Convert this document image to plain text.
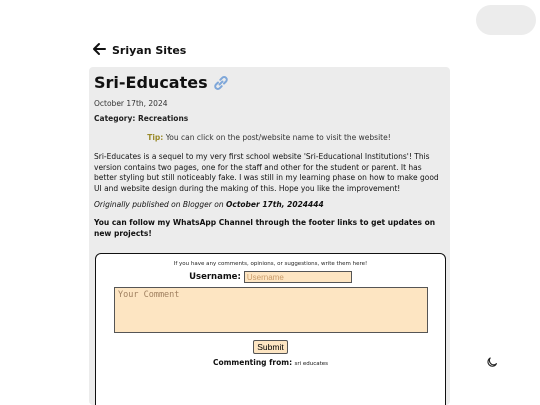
Sriyan Sites
Sri-Educates
October 17th, 2024
Category: Recreations
Tip: You can click on the post/website name to visit the website!
Sri-Educates is a sequel to my very first school website 'Sri-Educational Institutions'! This version contains two pages, one for the staff and other for the student or parent. It has better styling but still noticeably fake. I was still in my learning phase on how to make good UI and website design during the making of this. Hope you like the improvement!
Originally published on Blogger on October 17th, 2024444
You can follow my WhatsApp Channel through the footer links to get updates on new projects!
If you have any comments, opinions, or suggestions, write them here!
Username:
Username
Your Comment
Submit
Commenting from: sri educates
